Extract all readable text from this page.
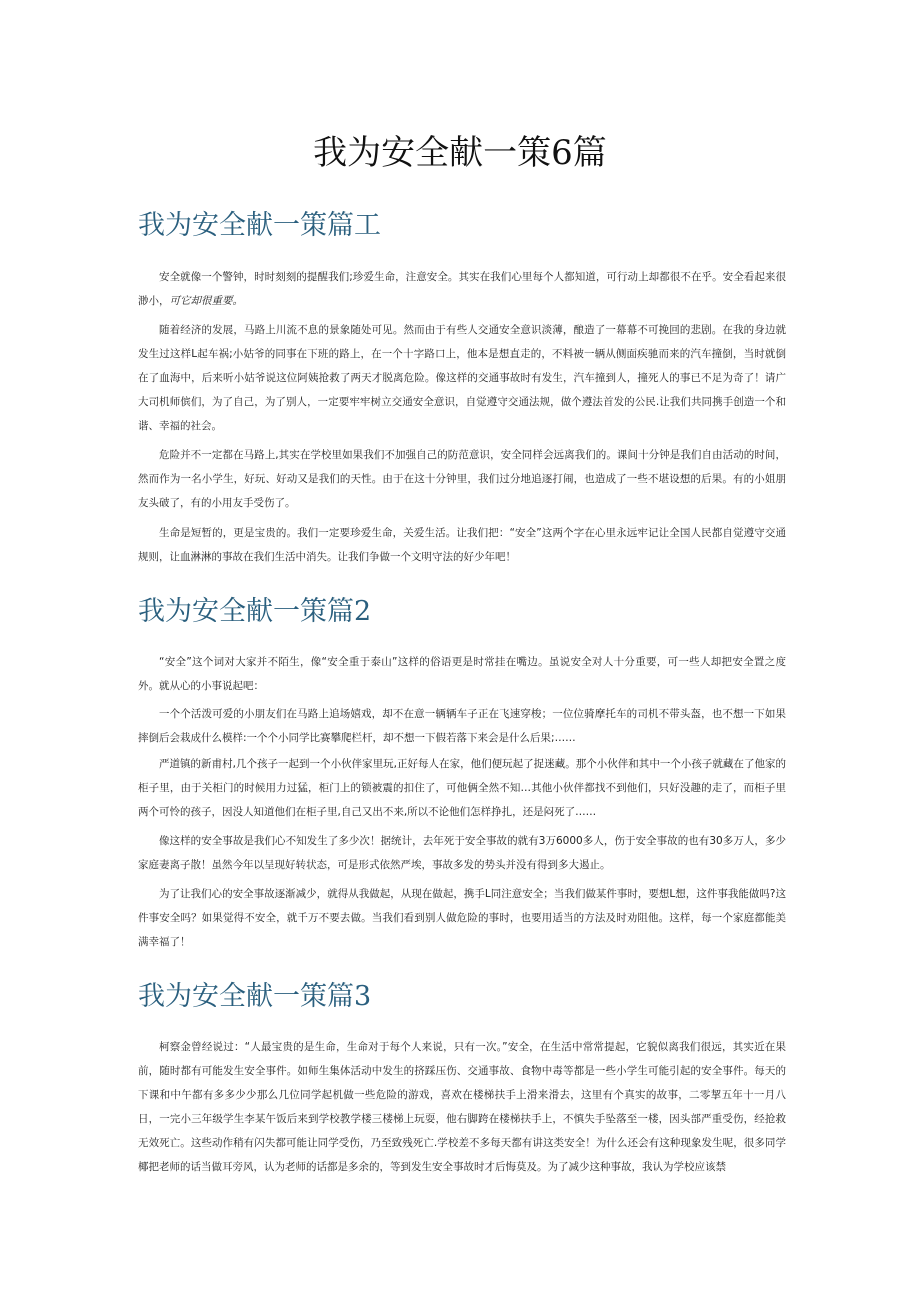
我为安全献一策6篇
我为安全献一策篇工

安全就像一个警钟，时时刻刻的提醒我们;珍爱生命，注意安全。其实在我们心里每个人都知道，可行动上却都很不在乎。安全看起来很渺小，可它却很重要。

随着经济的发展，马路上川流不息的景象随处可见。然而由于有些人交通安全意识淡薄，酿造了一幕幕不可挽回的悲剧。在我的身边就发生过这样L起车祸;小姑爷的同事在下班的路上，在一个十字路口上，他本是想直走的，不料被一辆从侧面疾驰而来的汽车撞倒，当时就倒在了血海中，后来听小姑爷说这位阿姨抢救了两天才脱离危险。像这样的交通事故时有发生，汽车撞到人，撞死人的事已不足为奇了！请广大司机师傧们，为了自己，为了别人，一定要牢牢树立交通安全意识，自觉遵守交通法规，做个遵法首发的公民.让我们共同携手创造一个和谐、幸福的社会。

危险并不一定都在马路上,其实在学校里如果我们不加强自己的防范意识，安全同样会远离我们的。课间十分钟是我们自由活动的时间，然而作为一名小学生，好玩、好动又是我们的天性。由于在这十分钟里，我们过分地追逐打闹，也造成了一些不堪设想的后果。有的小姐朋友头破了，有的小用友手受伤了。

生命是短暂的，更是宝贵的。我们一定要珍爱生命，关爱生活。让我们把：“安全”这两个字在心里永远牢记让全国人民都自觉遵守交通规则，让血淋淋的事故在我们生活中消失。让我们争做一个文明守法的好少年吧！

我为安全献一策篇2

“安全”这个词对大家并不陌生，像“安全重于泰山”这样的俗语更是时常挂在嘴边。虽说安全对人十分重要，可一些人却把安全置之度外。就从心的小事说起吧：

一个个活泼可爱的小朋友们在马路上追场嬉戏，却不在意一辆辆车子正在飞速穿梭；一位位骑摩托车的司机不带头盔，也不想一下如果摔倒后会栽成什么模样:一个个小同学比赛攀爬栏杆，却不想一下假若落下来会是什么后果;……

严道镇的新甫村,几个孩子一起到一个小伙伴家里玩,正好每人在家，他们便玩起了捉迷藏。那个小伙伴和其中一个小孩子就藏在了他家的柜子里，由于关柜门的时候用力过猛，柜门上的锁被震的扣住了，可他俩全然不知…其他小伙伴都找不到他们，只好没趣的走了，而柜子里两个可怜的孩子，因没人知道他们在柜子里,自己又出不来,所以不论他们怎样挣扎，还是闷死了……

像这样的安全事故是我们心不知发生了多少次！据统计，去年死于安全事故的就有3万6000多人，伤于安全事故的也有30多万人，多少家庭妻离子散！虽然今年以呈现好转状态，可是形式依然严埃，事故多发的势头并没有得到多大遏止。

为了让我们心的安全事故逐渐减少，就得从我做起，从现在做起，携手L同注意安全；当我们做某件事时，要想L想，这件事我能做吗?这件事安全吗？如果觉得不安全，就千万不要去做。当我们看到别人做危险的事时，也要用适当的方法及时劝阻他。这样，每一个家庭都能美满幸福了！

我为安全献一策篇3

柯察金曾经说过：“人最宝贵的是生命，生命对于每个人来说，只有一次。”安全，在生活中常常提起，它貌似离我们很远，其实近在果前，随时都有可能发生安全事件。如师生集体活动中发生的挤踩压伤、交通事故、食物中毒等都是一些小学生可能引起的安全事件。每天的下课和中午都有多多少少那么几位同学起机做一些危险的游戏，喜欢在楼梯扶手上滑来滑去，这里有个真实的故事，二零挈五年十一月八日，一完小三年级学生李某午饭后来到学校教学楼三楼梯上玩耍，他右脚跨在楼梯扶手上，不慎失手坠落至一楼，因头部严重受伤，经抢救无效死亡。这些动作稍有闪失都可能让同学受伤，乃至致残死亡.学校差不多每天都有讲这类安全！为什么还会有这种现象发生呢，很多同学椰把老师的话当做耳旁风，认为老师的话都是多余的，等到发生安全事故时才后悔莫及。为了减少这种事故，我认为学校应该禁
